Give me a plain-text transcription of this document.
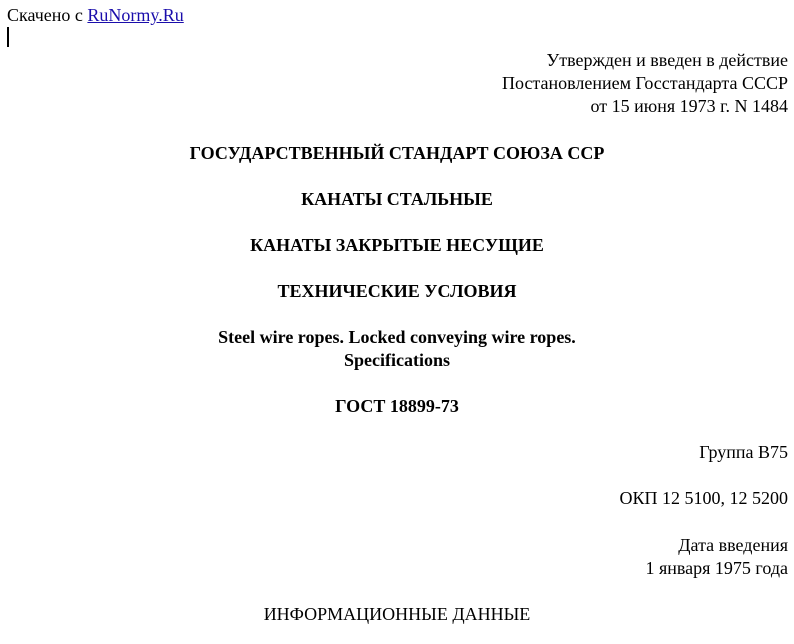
Скачено с RuNormy.Ru
Утвержден и введен в действие
Постановлением Госстандарта СССР
от 15 июня 1973 г. N 1484
ГОСУДАРСТВЕННЫЙ СТАНДАРТ СОЮЗА ССР
КАНАТЫ СТАЛЬНЫЕ
КАНАТЫ ЗАКРЫТЫЕ НЕСУЩИЕ
ТЕХНИЧЕСКИЕ УСЛОВИЯ
Steel wire ropes. Locked conveying wire ropes.
Specifications
ГОСТ 18899-73
Группа В75
ОКП 12 5100, 12 5200
Дата введения
1 января 1975 года
ИНФОРМАЦИОННЫЕ ДАННЫЕ
